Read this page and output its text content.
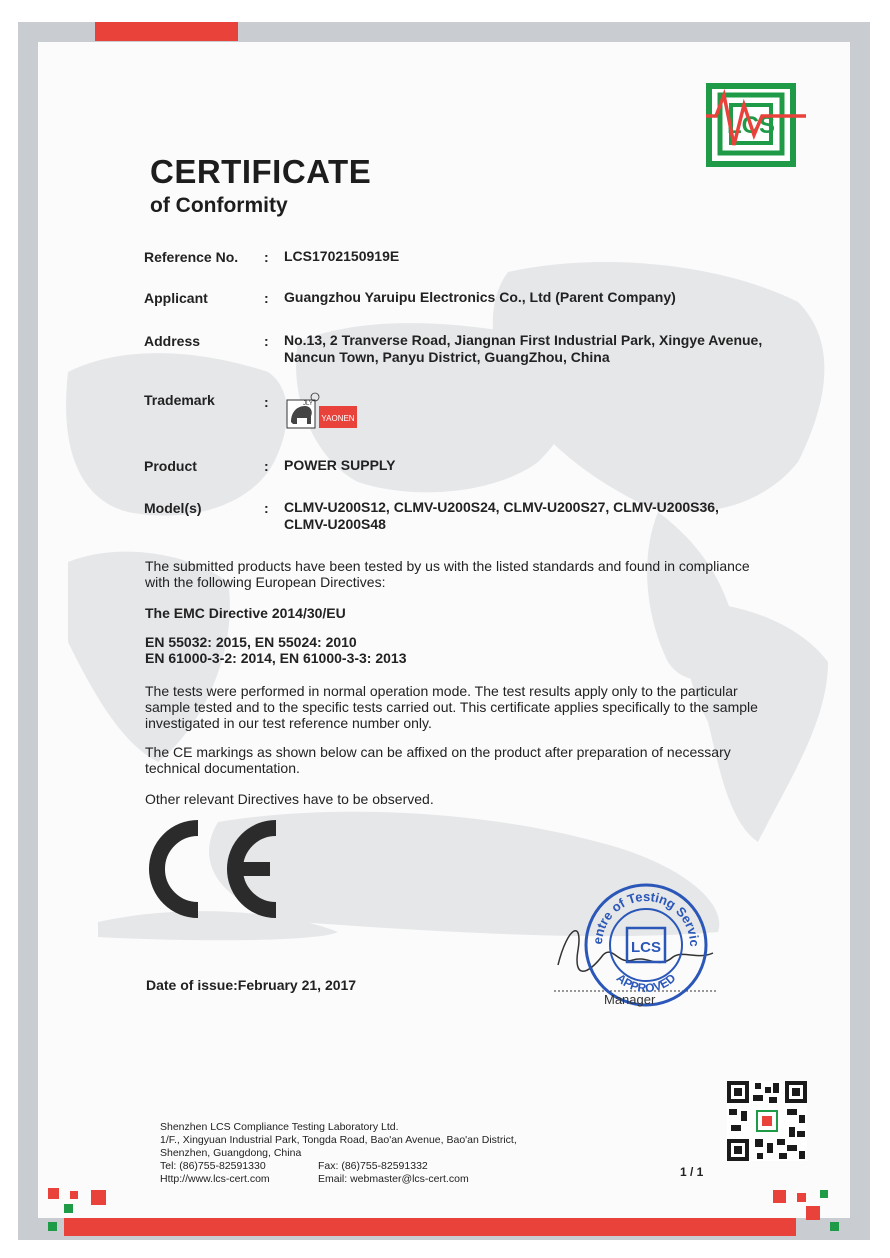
LCS
CERTIFICATE
of Conformity
Reference No. : LCS1702150919E
Applicant	: Guangzhou Yaruipu Electronics Co., Ltd (Parent Company)
Address	: No.13, 2 Tranverse Road, Jiangnan First Industrial Park, Xingye Avenue,
Nancun Town, Panyu District, GuangZhou, China
Trademark	:	JLY
YAONEN
Product	: POWER SUPPLY
Model(s)	: CLMV-U200S12, CLMV-U200S24, CLMV-U200S27, CLMV-U200S36,
CLMV-U200S48
The submitted products have been tested by us with the listed standards and found in compliance
with the following European Directives:
The EMC Directive 2014/30/EU
EN 55032: 2015, EN 55024: 2010
EN 61000-3-2: 2014, EN 61000-3-3: 2013
The tests were performed in normal operation mode. The test results apply only to the particular
sample tested and to the specific tests carried out. This certificate applies specifically to the sample
investigated in our test reference number only.
The CE markings as shown below can be affixed on the product after preparation of necessary
technical documentation.
Other relevant Directives have to be observed.
Date of issue:February 21, 2017
entre of Testing Servic
APPROVED
LCS
Manager
Shenzhen LCS Compliance Testing Laboratory Ltd.
1/F., Xingyuan Industrial Park, Tongda Road, Bao'an Avenue, Bao'an District,
Shenzhen, Guangdong, China
Tel: (86)755-82591330	Fax: (86)755-82591332
Http://www.lcs-cert.com	Email: webmaster@lcs-cert.com	1 / 1
